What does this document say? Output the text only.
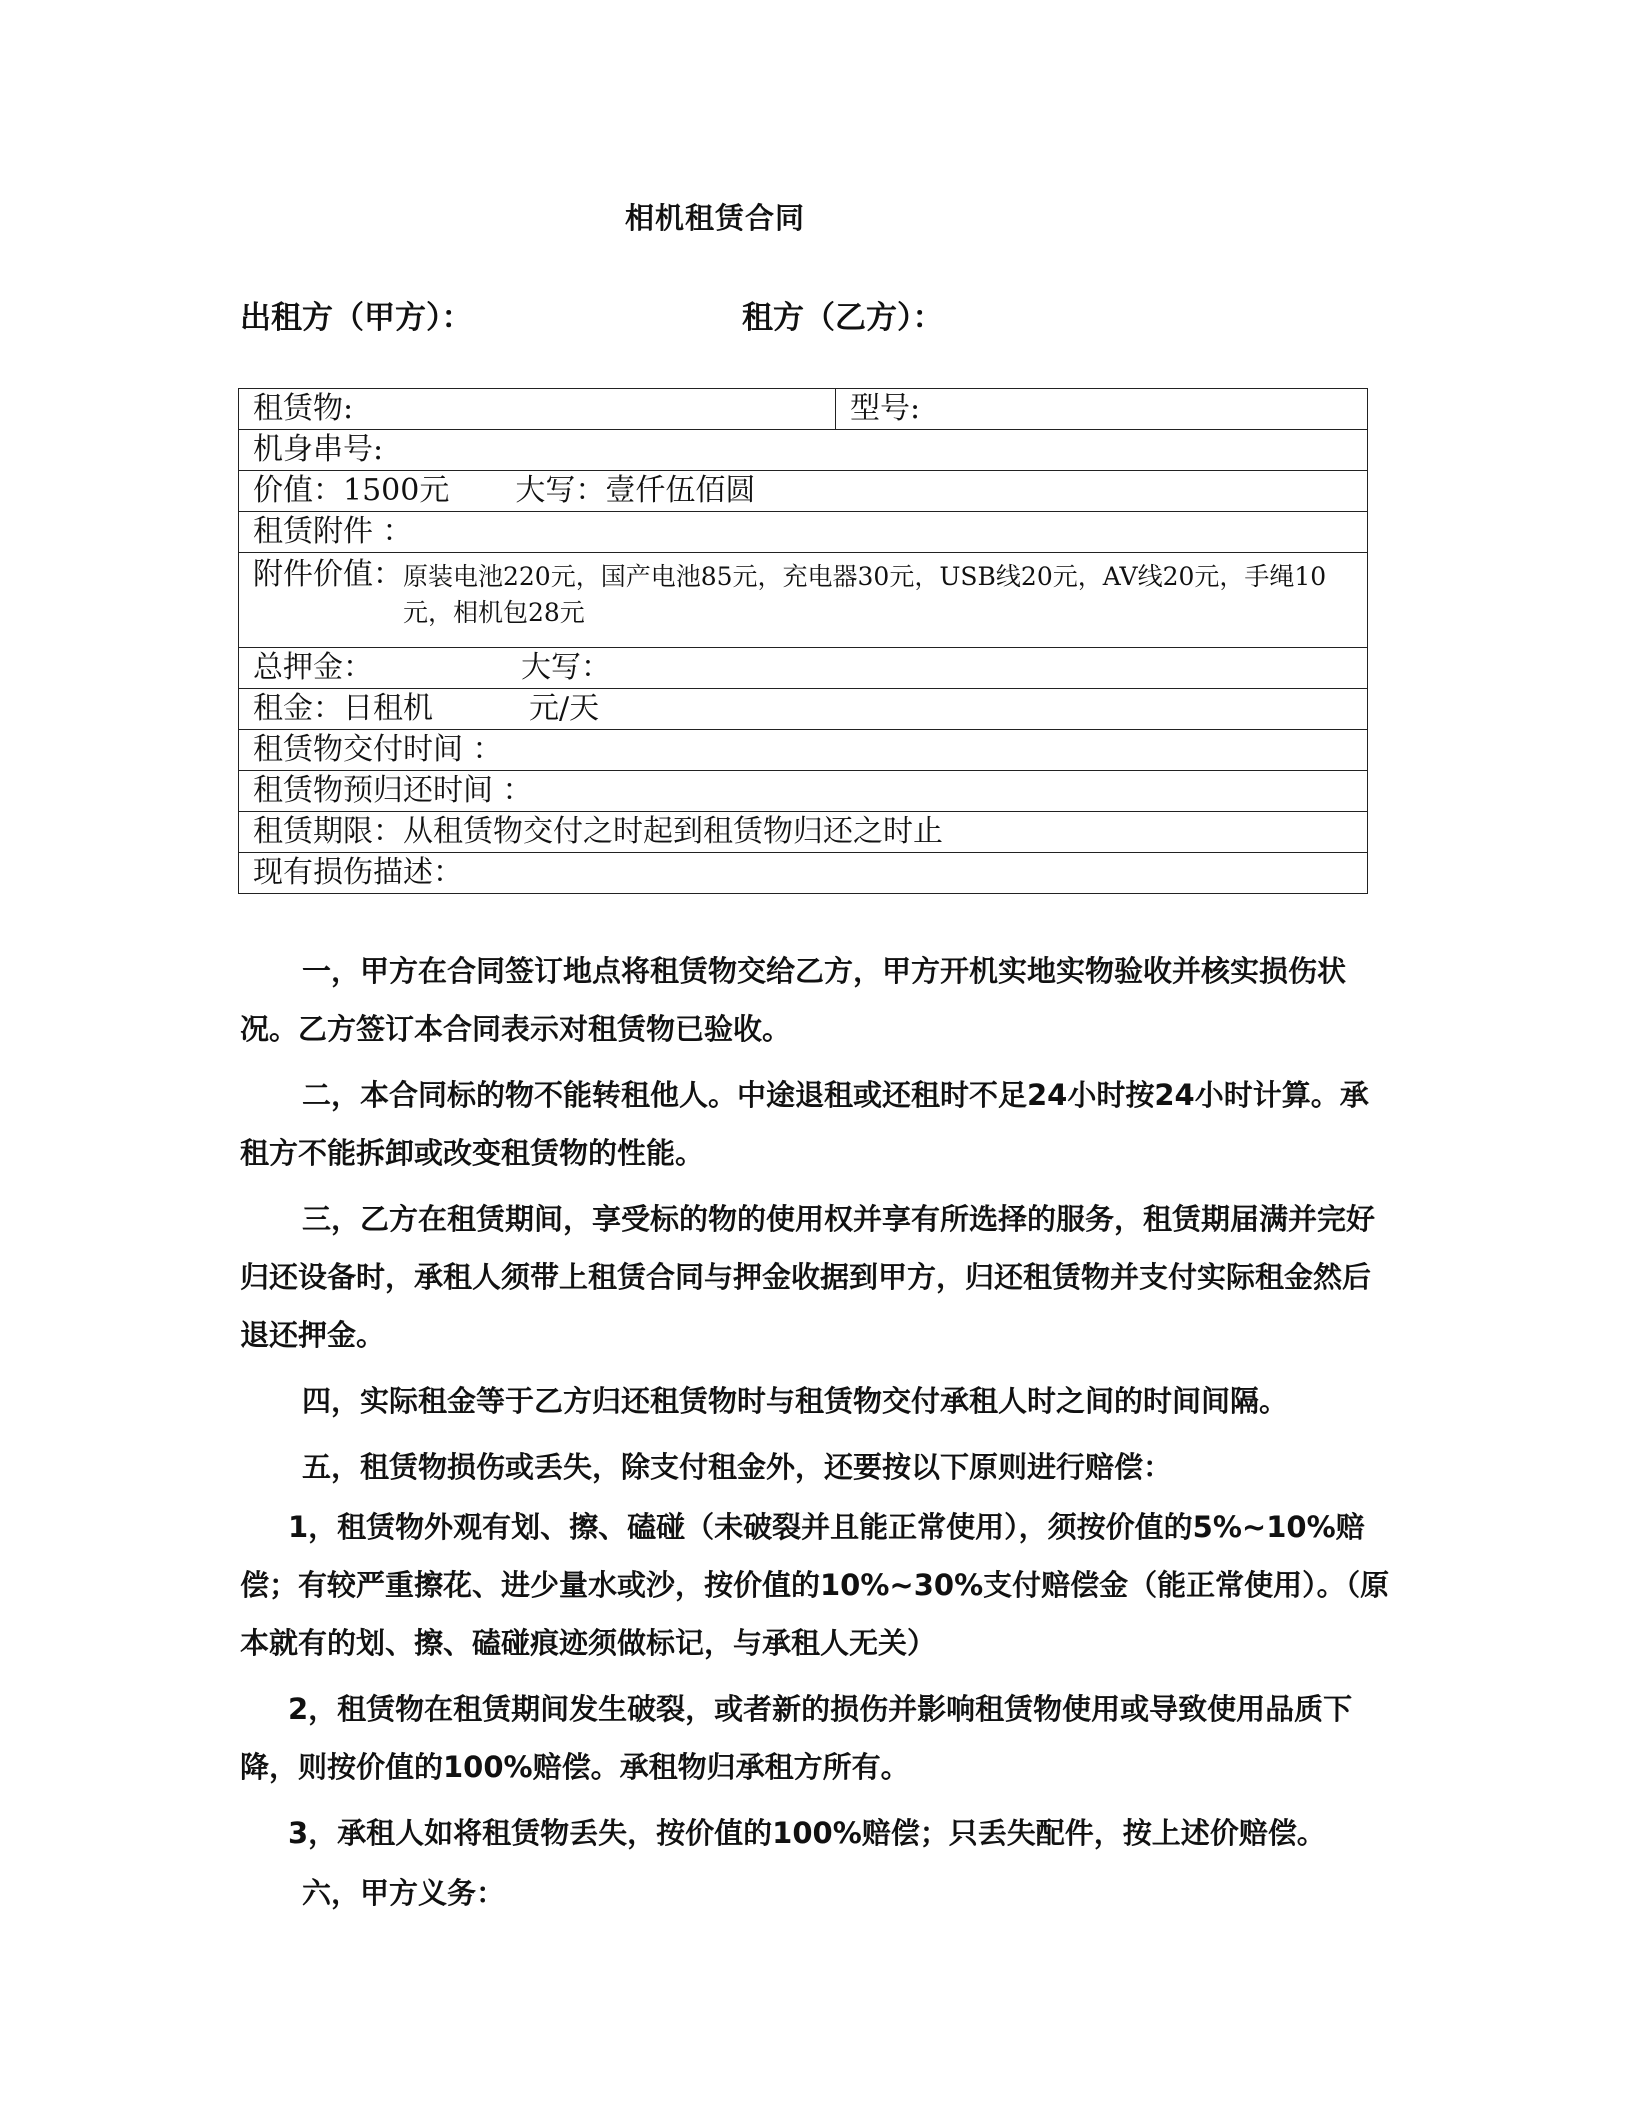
相机租赁合同
出租方（甲方）：	租方（乙方）：
租赁物:	型号:
机身串号:
价值：1500元 大写：壹仟伍佰圆
租赁附件 ：

附件价值： 原装电池220元，国产电池85元，充电器30元，USB线20元，AV线20元，手绳10元，相机包28元

总押金：	大写：
租金：日租机	元/天
租赁物交付时间 ：
租赁物预归还时间 ：
租赁期限：从租赁物交付之时起到租赁物归还之时止
现有损伤描述：

一，甲方在合同签订地点将租赁物交给乙方，甲方开机实地实物验收并核实损伤状况。乙方签订本合同表示对租赁物已验收。

二，本合同标的物不能转租他人。中途退租或还租时不足24小时按24小时计算。承租方不能拆卸或改变租赁物的性能。

三，乙方在租赁期间，享受标的物的使用权并享有所选择的服务，租赁期届满并完好归还设备时，承租人须带上租赁合同与押金收据到甲方，归还租赁物并支付实际租金然后退还押金。

四，实际租金等于乙方归还租赁物时与租赁物交付承租人时之间的时间间隔。

五，租赁物损伤或丢失，除支付租金外，还要按以下原则进行赔偿：

1，租赁物外观有划、擦、磕碰（未破裂并且能正常使用），须按价值的5%~10%赔偿；有较严重擦花、进少量水或沙，按价值的10%~30%支付赔偿金（能正常使用）。（原本就有的划、擦、磕碰痕迹须做标记，与承租人无关）

2，租赁物在租赁期间发生破裂，或者新的损伤并影响租赁物使用或导致使用品质下降，则按价值的100%赔偿。承租物归承租方所有。

3，承租人如将租赁物丢失，按价值的100%赔偿；只丢失配件，按上述价赔偿。

六，甲方义务：
